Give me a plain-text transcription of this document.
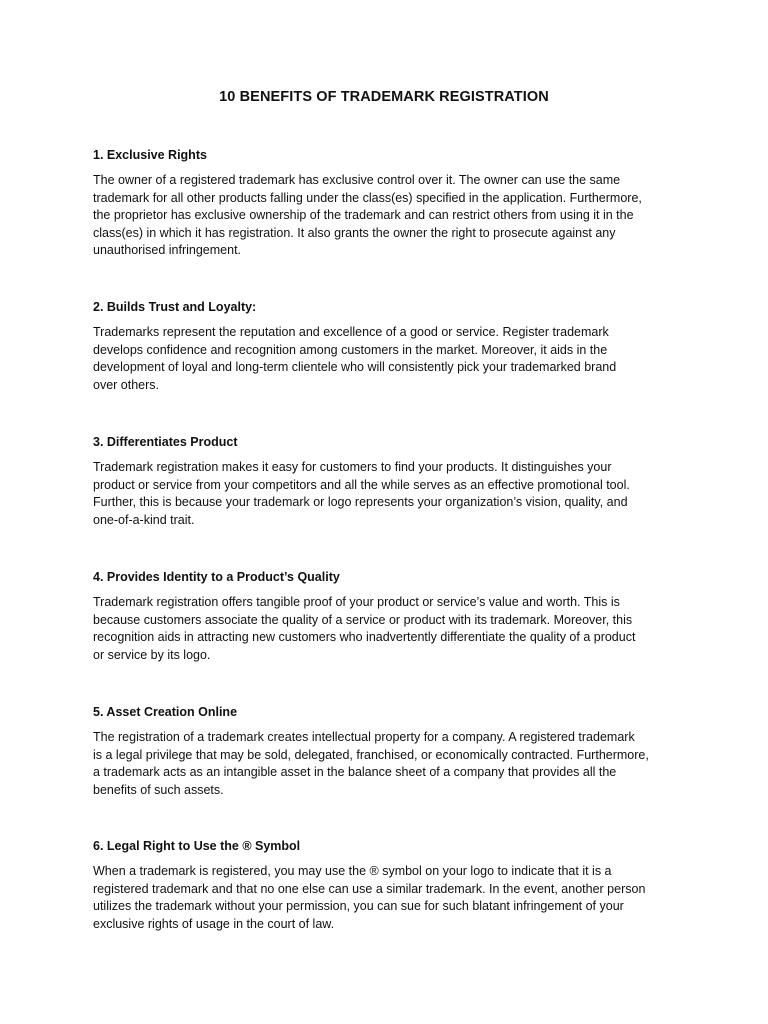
10 BENEFITS OF TRADEMARK REGISTRATION
1. Exclusive Rights
The owner of a registered trademark has exclusive control over it. The owner can use the same
trademark for all other products falling under the class(es) specified in the application. Furthermore,
the proprietor has exclusive ownership of the trademark and can restrict others from using it in the
class(es) in which it has registration. It also grants the owner the right to prosecute against any
unauthorised infringement.
2. Builds Trust and Loyalty:
Trademarks represent the reputation and excellence of a good or service. Register trademark
develops confidence and recognition among customers in the market. Moreover, it aids in the
development of loyal and long-term clientele who will consistently pick your trademarked brand
over others.
3. Differentiates Product
Trademark registration makes it easy for customers to find your products. It distinguishes your
product or service from your competitors and all the while serves as an effective promotional tool.
Further, this is because your trademark or logo represents your organization’s vision, quality, and
one-of-a-kind trait.
4. Provides Identity to a Product’s Quality
Trademark registration offers tangible proof of your product or service’s value and worth. This is
because customers associate the quality of a service or product with its trademark. Moreover, this
recognition aids in attracting new customers who inadvertently differentiate the quality of a product
or service by its logo.
5. Asset Creation Online
The registration of a trademark creates intellectual property for a company. A registered trademark
is a legal privilege that may be sold, delegated, franchised, or economically contracted. Furthermore,
a trademark acts as an intangible asset in the balance sheet of a company that provides all the
benefits of such assets.
6. Legal Right to Use the ® Symbol
When a trademark is registered, you may use the ® symbol on your logo to indicate that it is a
registered trademark and that no one else can use a similar trademark. In the event, another person
utilizes the trademark without your permission, you can sue for such blatant infringement of your
exclusive rights of usage in the court of law.
